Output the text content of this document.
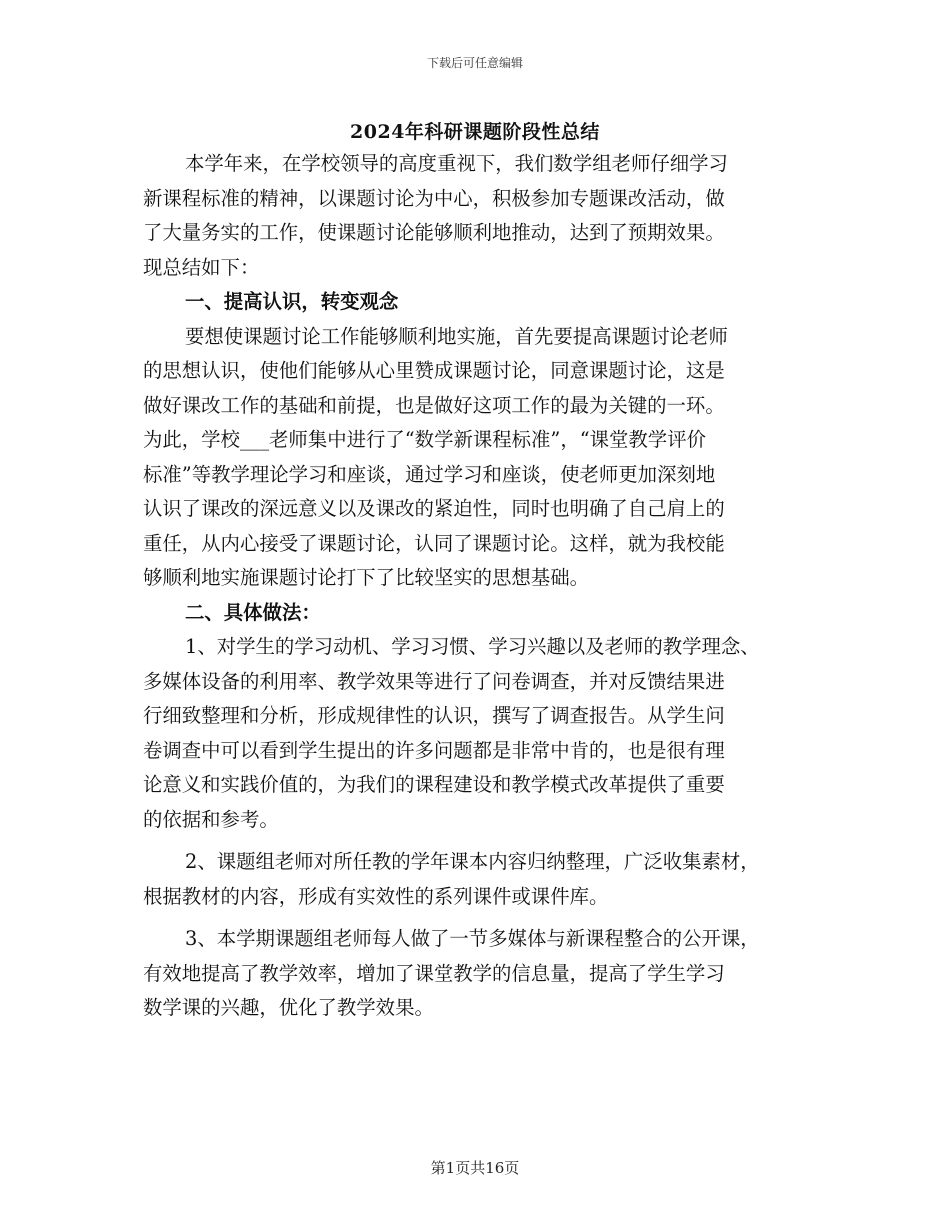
下载后可任意编辑
2024年科研课题阶段性总结
本学年来，在学校领导的高度重视下，我们数学组老师仔细学习
新课程标准的精神，以课题讨论为中心，积极参加专题课改活动，做
了大量务实的工作，使课题讨论能够顺利地推动，达到了预期效果。
现总结如下：
一、提高认识，转变观念
要想使课题讨论工作能够顺利地实施，首先要提高课题讨论老师
的思想认识，使他们能够从心里赞成课题讨论，同意课题讨论，这是
做好课改工作的基础和前提，也是做好这项工作的最为关键的一环。
为此，学校___老师集中进行了“数学新课程标准”，“课堂教学评价
标准”等教学理论学习和座谈，通过学习和座谈，使老师更加深刻地
认识了课改的深远意义以及课改的紧迫性，同时也明确了自己肩上的
重任，从内心接受了课题讨论，认同了课题讨论。这样，就为我校能
够顺利地实施课题讨论打下了比较坚实的思想基础。
二、具体做法：
1、对学生的学习动机、学习习惯、学习兴趣以及老师的教学理念、
多媒体设备的利用率、教学效果等进行了问卷调查，并对反馈结果进
行细致整理和分析，形成规律性的认识，撰写了调查报告。从学生问
卷调查中可以看到学生提出的许多问题都是非常中肯的，也是很有理
论意义和实践价值的，为我们的课程建设和教学模式改革提供了重要
的依据和参考。
2、课题组老师对所任教的学年课本内容归纳整理，广泛收集素材，
根据教材的内容，形成有实效性的系列课件或课件库。
3、本学期课题组老师每人做了一节多媒体与新课程整合的公开课，
有效地提高了教学效率，增加了课堂教学的信息量，提高了学生学习
数学课的兴趣，优化了教学效果。
第1页共16页
